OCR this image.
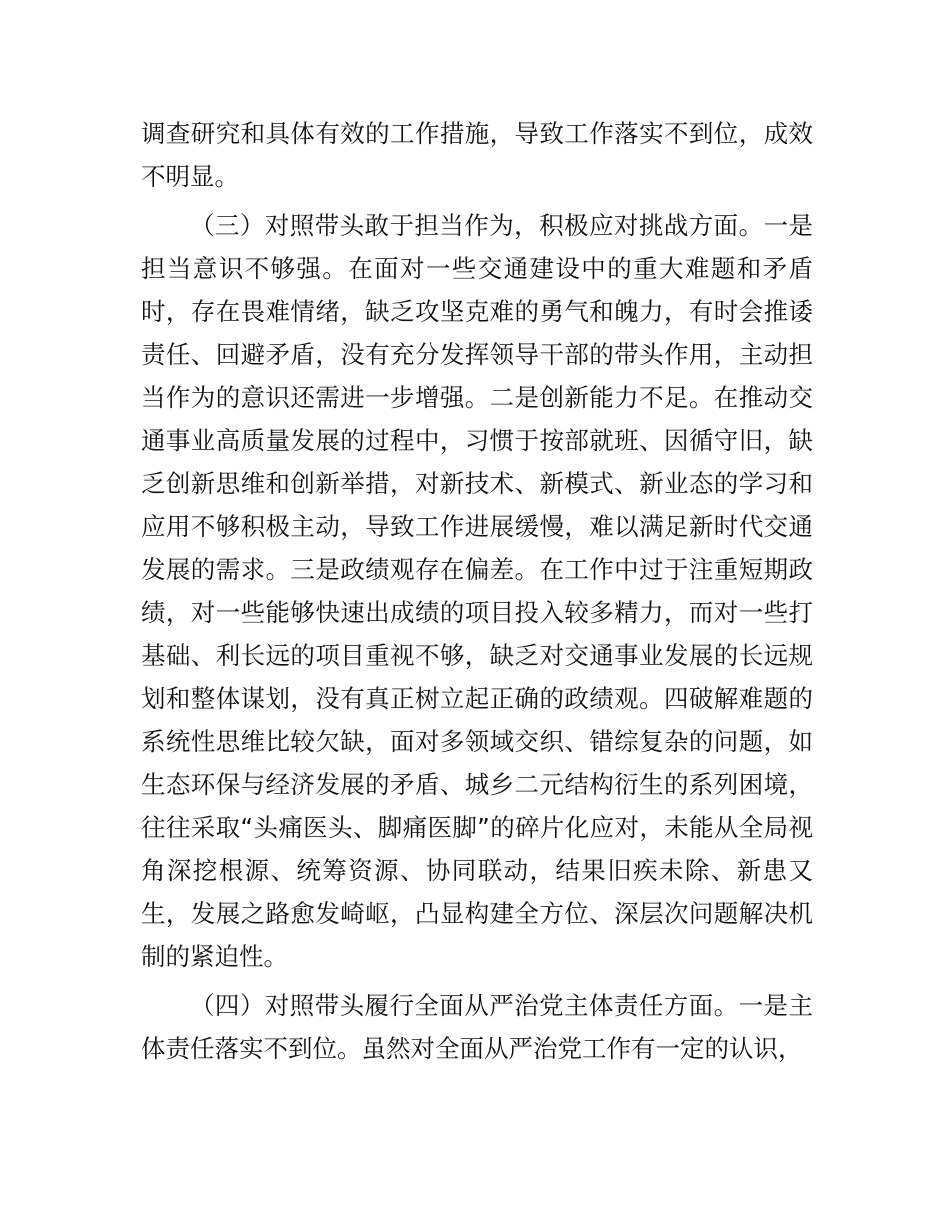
调查研究和具体有效的工作措施，导致工作落实不到位，成效不明显。

（三）对照带头敢于担当作为，积极应对挑战方面。一是担当意识不够强。在面对一些交通建设中的重大难题和矛盾时，存在畏难情绪，缺乏攻坚克难的勇气和魄力，有时会推诿责任、回避矛盾，没有充分发挥领导干部的带头作用，主动担当作为的意识还需进一步增强。二是创新能力不足。在推动交通事业高质量发展的过程中，习惯于按部就班、因循守旧，缺乏创新思维和创新举措，对新技术、新模式、新业态的学习和应用不够积极主动，导致工作进展缓慢，难以满足新时代交通发展的需求。三是政绩观存在偏差。在工作中过于注重短期政绩，对一些能够快速出成绩的项目投入较多精力，而对一些打基础、利长远的项目重视不够，缺乏对交通事业发展的长远规划和整体谋划，没有真正树立起正确的政绩观。四破解难题的系统性思维比较欠缺，面对多领域交织、错综复杂的问题，如生态环保与经济发展的矛盾、城乡二元结构衍生的系列困境，往往采取“头痛医头、脚痛医脚”的碎片化应对，未能从全局视角深挖根源、统筹资源、协同联动，结果旧疾未除、新患又生，发展之路愈发崎岖，凸显构建全方位、深层次问题解决机制的紧迫性。

（四）对照带头履行全面从严治党主体责任方面。一是主体责任落实不到位。虽然对全面从严治党工作有一定的认识，
